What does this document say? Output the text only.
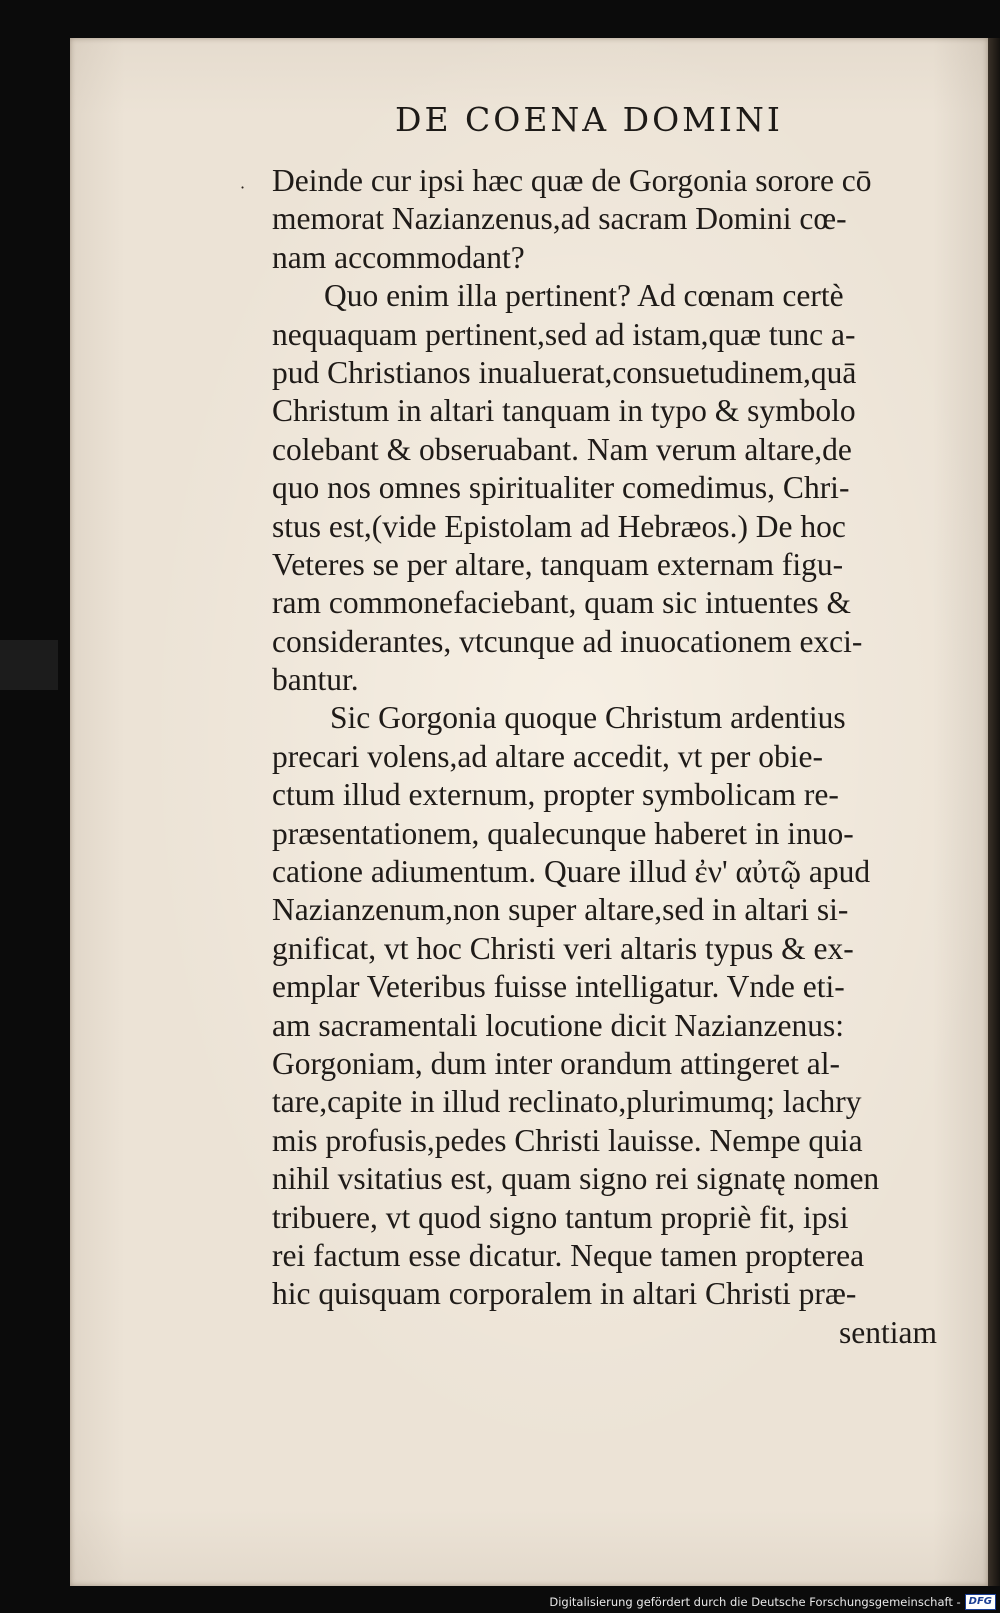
DE COENA DOMINI
· Deinde cur ipsi hæc quæ de Gorgonia sorore cō
memorat Nazianzenus,ad sacram Domini cœ-
nam accommodant?
Quo enim illa pertinent? Ad cœnam certè
nequaquam pertinent,sed ad istam,quæ tunc a-
pud Christianos inualuerat,consuetudinem,quā
Christum in altari tanquam in typo & symbolo
colebant & obseruabant. Nam verum altare,de
quo nos omnes spiritualiter comedimus, Chri-
stus est,(vide Epistolam ad Hebræos.) De hoc
Veteres se per altare, tanquam externam figu-
ram commonefaciebant, quam sic intuentes &
considerantes, vtcunque ad inuocationem exci-
bantur.
Sic Gorgonia quoque Christum ardentius
precari volens,ad altare accedit, vt per obie-
ctum illud externum, propter symbolicam re-
præsentationem, qualecunque haberet in inuo-
catione adiumentum. Quare illud ἐν' αὐτῷ apud
Nazianzenum,non super altare,sed in altari si-
gnificat, vt hoc Christi veri altaris typus & ex-
emplar Veteribus fuisse intelligatur. Vnde eti-
am sacramentali locutione dicit Nazianzenus:
Gorgoniam, dum inter orandum attingeret al-
tare,capite in illud reclinato,plurimumq; lachry
mis profusis,pedes Christi lauisse. Nempe quia
nihil vsitatius est, quam signo rei signatę nomen
tribuere, vt quod signo tantum propriè fit, ipsi
rei factum esse dicatur. Neque tamen propterea
hic quisquam corporalem in altari Christi præ-
sentiam
Digitalisierung gefördert durch die Deutsche Forschungsgemeinschaft - DFG
